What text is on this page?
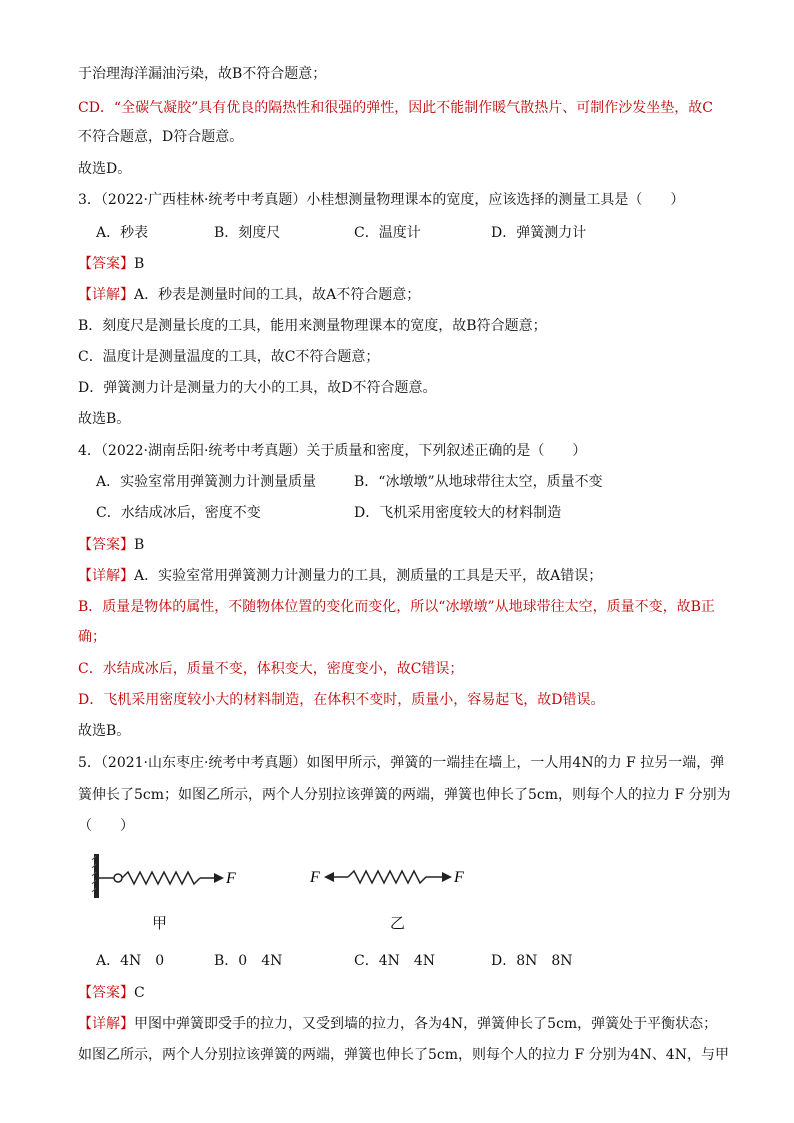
于治理海洋漏油污染，故B不符合题意；
CD．“全碳气凝胶”具有优良的隔热性和很强的弹性，因此不能制作暖气散热片、可制作沙发坐垫，故C
不符合题意，D符合题意。
故选D。
3．（2022·广西桂林·统考中考真题）小桂想测量物理课本的宽度，应该选择的测量工具是（　　）
A．秒表	B．刻度尺	C．温度计	D．弹簧测力计
【答案】B
【详解】A．秒表是测量时间的工具，故A不符合题意；
B．刻度尺是测量长度的工具，能用来测量物理课本的宽度，故B符合题意；
C．温度计是测量温度的工具，故C不符合题意；
D．弹簧测力计是测量力的大小的工具，故D不符合题意。
故选B。
4．（2022·湖南岳阳·统考中考真题）关于质量和密度，下列叙述正确的是（　　）
A．实验室常用弹簧测力计测量质量	B．“冰墩墩”从地球带往太空，质量不变
C．水结成冰后，密度不变	D．飞机采用密度较大的材料制造
【答案】B
【详解】A．实验室常用弹簧测力计测量力的工具，测质量的工具是天平，故A错误；
B．质量是物体的属性，不随物体位置的变化而变化，所以“冰墩墩”从地球带往太空，质量不变，故B正
确；
C．水结成冰后，质量不变，体积变大，密度变小，故C错误；
D．飞机采用密度较小大的材料制造，在体积不变时，质量小，容易起飞，故D错误。
故选B。
5．（2021·山东枣庄·统考中考真题）如图甲所示，弹簧的一端挂在墙上，一人用4N的力 F 拉另一端，弹
簧伸长了5cm；如图乙所示，两个人分别拉该弹簧的两端，弹簧也伸长了5cm，则每个人的拉力 F 分别为
（　　）
F
甲
F	F
乙
A．4N　0	B．0　4N	C．4N　4N	D．8N　8N
【答案】C
【详解】甲图中弹簧即受手的拉力，又受到墙的拉力，各为4N，弹簧伸长了5cm，弹簧处于平衡状态；
如图乙所示，两个人分别拉该弹簧的两端，弹簧也伸长了5cm，则每个人的拉力 F 分别为4N、4N，与甲
